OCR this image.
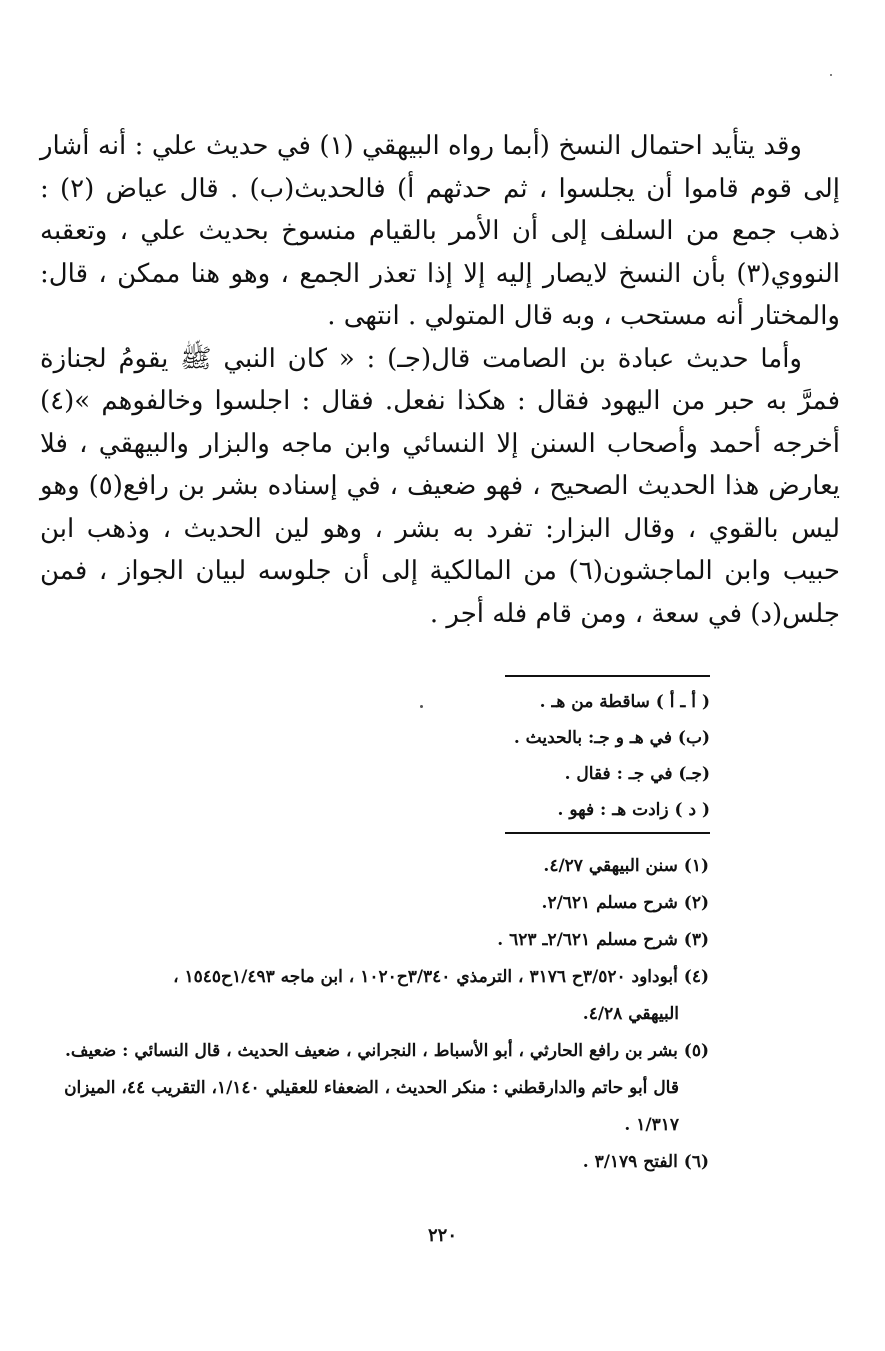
وقد يتأيد احتمال النسخ (أبما رواه البيهقي (١) في حديث علي : أنه أشار إلى قوم قاموا أن يجلسوا ، ثم حدثهم أ) فالحديث(ب) . قال عياض (٢) : ذهب جمع من السلف إلى أن الأمر بالقيام منسوخ بحديث علي ، وتعقبه النووي(٣) بأن النسخ لايصار إليه إلا إذا تعذر الجمع ، وهو هنا ممكن ، قال: والمختار أنه مستحب ، وبه قال المتولي . انتهى .

وأما حديث عبادة بن الصامت قال(جـ) : « كان النبي ﷺ يقومُ لجنازة فمرَّ به حبر من اليهود فقال : هكذا نفعل. فقال : اجلسوا وخالفوهم »(٤) أخرجه أحمد وأصحاب السنن إلا النسائي وابن ماجه والبزار والبيهقي ، فلا يعارض هذا الحديث الصحيح ، فهو ضعيف ، في إسناده بشر بن رافع(٥) وهو ليس بالقوي ، وقال البزار: تفرد به بشر ، وهو لين الحديث ، وذهب ابن حبيب وابن الماجشون(٦) من المالكية إلى أن جلوسه لبيان الجواز ، فمن جلس(د) في سعة ، ومن قام فله أجر .

( أ ـ أ ) ساقطة من هـ .
(ب) في هـ و جـ: بالحديث .
(جـ) في جـ : فقال .
( د ) زادت هـ : فهو .
(١) سنن البيهقي ٤/٢٧.
(٢) شرح مسلم ٢/٦٢١.
(٣) شرح مسلم ٢/٦٢١ـ ٦٢٣ .
(٤) أبوداود ٣/٥٢٠ح ٣١٧٦ ، الترمذي ٣/٣٤٠ح١٠٢٠ ، ابن ماجه ١/٤٩٣ح١٥٤٥ ،
البيهقي ٤/٢٨.
(٥) بشر بن رافع الحارثي ، أبو الأسباط ، النجراني ، ضعيف الحديث ، قال النسائي : ضعيف.
قال أبو حاتم والدارقطني : منكر الحديث ، الضعفاء للعقيلي ١/١٤٠، التقريب ٤٤، الميزان
١/٣١٧ .
(٦) الفتح ٣/١٧٩ .
٢٢٠
